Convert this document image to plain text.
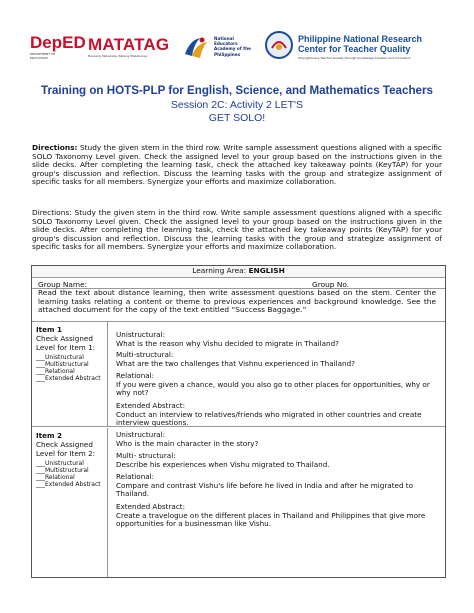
DepED
DEPARTMENT OF EDUCATION
MATATAG
Bansang Makabata, Batang Makabansa
National Educators Academy of the Philippines
Philippine National Research Center for Teacher Quality
Strengthening Teacher Quality through Knowledge Creation and Innovation
Training on HOTS-PLP for English, Science, and Mathematics Teachers
Session 2C: Activity 2 LET'S
GET SOLO!
Directions: Study the given stem in the third row. Write sample assessment questions aligned with a specific SOLO Taxonomy Level given. Check the assigned level to your group based on the instructions given in the slide decks. After completing the learning task, check the attached key takeaway points (KeyTAP) for your group's discussion and reflection. Discuss the learning tasks with the group and strategize assignment of specific tasks for all members. Synergize your efforts and maximize collaboration.
Directions: Study the given stem in the third row. Write sample assessment questions aligned with a specific SOLO Taxonomy Level given. Check the assigned level to your group based on the instructions given in the slide decks. After completing the learning task, check the attached key takeaway points (KeyTAP) for your group's discussion and reflection. Discuss the learning tasks with the group and strategize assignment of specific tasks for all members. Synergize your efforts and maximize collaboration.
Learning Area: ENGLISH
Group Name:	Group No.
Read the text about distance learning, then write assessment questions based on the stem. Center the learning tasks relating a content or theme to previous experiences and background knowledge. See the attached document for the copy of the text entitled “Success Baggage.”
Item 1
Check Assigned Level for Item 1:
___Unistructural
___Multistructural
___Relational
___Extended Abstract
Unistructural:
What is the reason why Vishu decided to migrate in Thailand?
Multi-structural:
What are the two challenges that Vishnu experienced in Thailand?
Relational:
If you were given a chance, would you also go to other places for opportunities, why or why not?
Extended Abstract:
Conduct an interview to relatives/friends who migrated in other countries and create interview questions.
Item 2
Check Assigned Level for Item 2:
___Unistructural
___Multistructural
___Relational
___Extended Abstract
Unistructural:
Who is the main character in the story?
Multi- structural:
Describe his experiences when Vishu migrated to Thailand.
Relational:
Compare and contrast Vishu's life before he lived in India and after he migrated to Thailand.
Extended Abstract:
Create a travelogue on the different places in Thailand and Philippines that give more opportunities for a businessman like Vishu.
